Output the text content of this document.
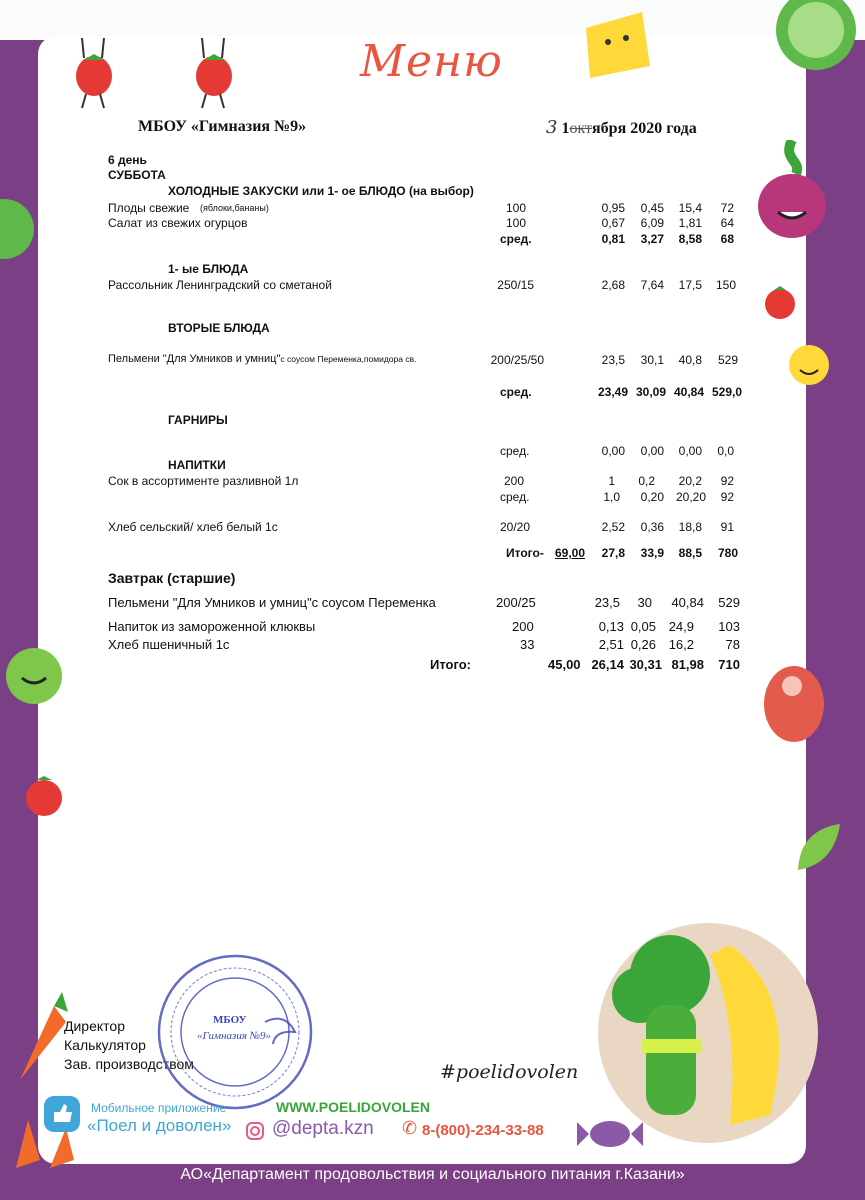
Меню
МБОУ «Гимназия №9»	3 1октября 2020 года
6 день
СУББОТА
ХОЛОДНЫЕ ЗАКУСКИ или 1- ое БЛЮДО (на выбор)
Плоды свежие (яблоки,бананы)	100	0,95	0,45	15,4	72
Салат из свежих огурцов	100	0,67	6,09	1,81	64
сред.	0,81	3,27	8,58	68
1- ые БЛЮДА
Рассольник Ленинградский со сметаной	250/15	2,68	7,64	17,5	150
ВТОРЫЕ БЛЮДА
Пельмени "Для Умников и умниц"с соусом Переменка,помидора св.	200/25/50	23,5	30,1	40,8	529
сред.	23,49 30,09 40,84 529,0
ГАРНИРЫ
сред.	0,00	0,00	0,00	0,0
НАПИТКИ
Сок в ассортименте разливной 1л	200	1	0,2	20,2	92
сред.	1,0	0,20 20,20	92
Хлеб сельский/ хлеб белый 1с	20/20	2,52	0,36	18,8	91
Итого- 69,00	27,8	33,9	88,5	780
Завтрак (старшие)
Пельмени "Для Умников и умниц"с соусом Переменка	200/25	23,5	30	40,84	529
Напиток из замороженной клюквы	200	0,13 0,05 24,9	103
Хлеб пшеничный 1с	33	2,51 0,26 16,2	78
Итого:	45,00 26,14 30,31 81,98	710
Директор
Калькулятор
Зав. производством
МБОУ
«Гимназия №9»
Мобильное приложение
«Поел и доволен»
WWW.POELIDOVOLEN
@depta.kzn ✆ 8-(800)-234-33-88
#poelidovolen
АО«Департамент продовольствия и социального питания г.Казани»
